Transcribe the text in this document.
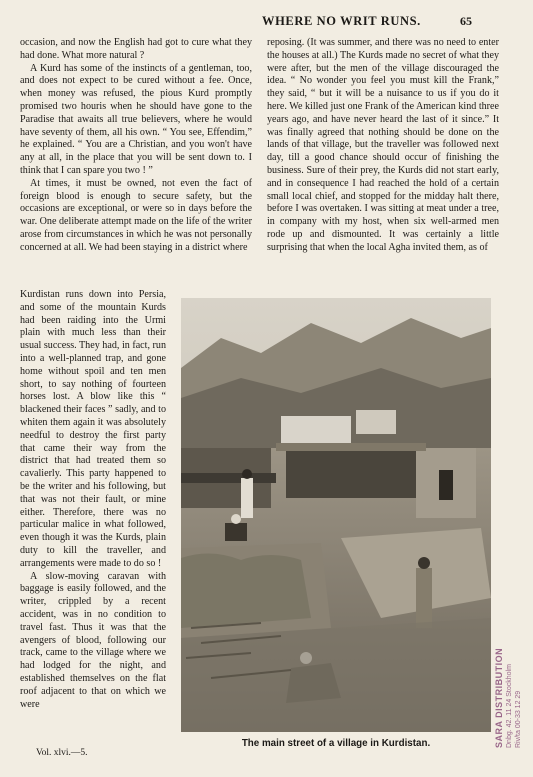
WHERE NO WRIT RUNS.	65

occasion, and now the English had got to cure what they had done. What more natural ?

A Kurd has some of the instincts of a gentleman, too, and does not expect to be cured without a fee. Once, when money was refused, the pious Kurd promptly promised two houris when he should have gone to the Paradise that awaits all true believers, where he would have seventy of them, all his own. “ You see, Effendim,” he explained. “ You are a Christian, and you won't have any at all, in the place that you will be sent down to. I think that I can spare you two ! ”

At times, it must be owned, not even the fact of foreign blood is enough to secure safety, but the occasions are exceptional, or were so in days before the war. One deliberate attempt made on the life of the writer arose from circumstances in which he was not personally concerned at all. We had been staying in a district where

Kurdistan runs down into Persia, and some of the mountain Kurds had been raiding into the Urmi plain with much less than their usual success. They had, in fact, run into a well-planned trap, and gone home without spoil and ten men short, to say nothing of fourteen horses lost. A blow like this “ blackened their faces ” sadly, and to whiten them again it was absolutely needful to destroy the first party that came their way from the district that had treated them so cavalierly. This party happened to be the writer and his following, but that was not their fault, or mine either. Therefore, there was no particular malice in what followed, even though it was the Kurds, plain duty to kill the traveller, and arrangements were made to do so !

A slow-moving caravan with baggage is easily followed, and the writer, crippled by a recent accident, was in no condition to travel fast. Thus it was that the avengers of blood, following our track, came to the village where we had lodged for the night, and established themselves on the flat roof adjacent to that on which we were

reposing. (It was summer, and there was no need to enter the houses at all.) The Kurds made no secret of what they were after, but the men of the village discouraged the idea. “ No wonder you feel you must kill the Frank,” they said, “ but it will be a nuisance to us if you do it here. We killed just one Frank of the American kind three years ago, and have never heard the last of it since.” It was finally agreed that nothing should be done on the lands of that village, but the traveller was followed next day, till a good chance should occur of finishing the business. Sure of their prey, the Kurds did not start early, and in consequence I had reached the hold of a certain small local chief, and stopped for the midday halt there, before I was overtaken. I was sitting at meat under a tree, in company with my host, when six well-armed men rode up and dismounted. It was certainly a little surprising that when the local Agha invited them, as of

The main street of a village in Kurdistan.
Vol. xlvi.—5.
SARA DISTRIBUTION Dnbg. 42. 11 24 Stockholm Riv/ta 00-33 12 29
